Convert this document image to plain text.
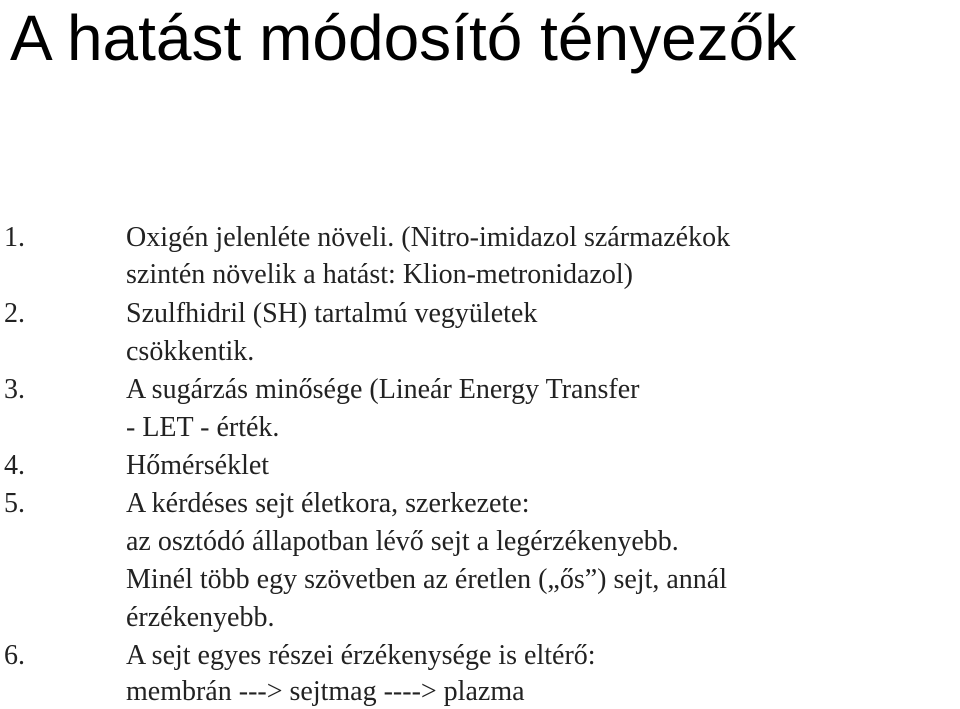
A hatást módosító tényezők
1.	Oxigén jelenléte növeli. (Nitro-imidazol származékok
szintén növelik a hatást: Klion-metronidazol)
2.	Szulfhidril (SH) tartalmú vegyületek
csökkentik.
3.	A sugárzás minősége (Lineár Energy Transfer
- LET - érték.
4.	Hőmérséklet
5.	A kérdéses sejt életkora, szerkezete:
az osztódó állapotban lévő sejt a legérzékenyebb.
Minél több egy szövetben az éretlen („ős”) sejt, annál
érzékenyebb.
6.	A sejt egyes részei érzékenysége is eltérő:
membrán ---> sejtmag ----> plazma
